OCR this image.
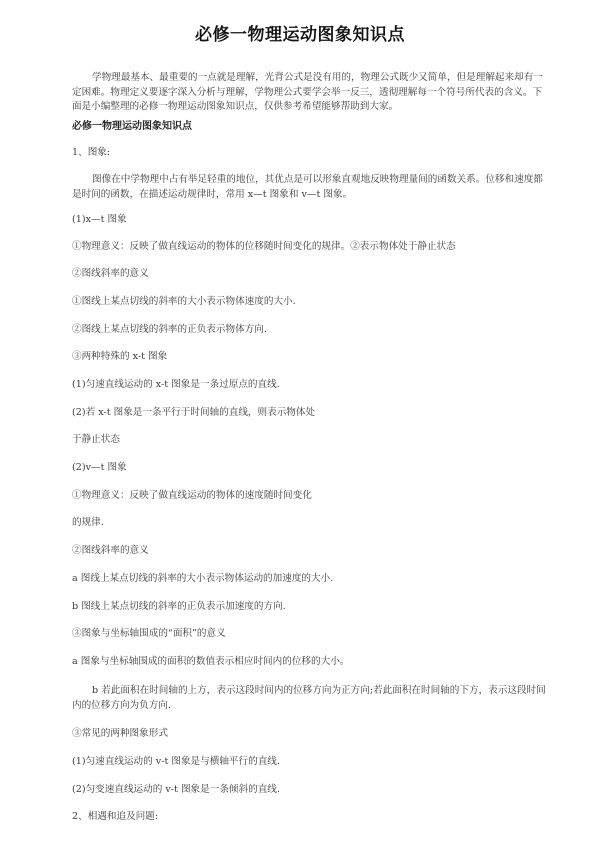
必修一物理运动图象知识点
学物理最基本、最重要的一点就是理解，光背公式是没有用的，物理公式既少又简单，但是理解起来却有一定困难。物理定义要逐字深入分析与理解，学物理公式要学会举一反三，透彻理解每一个符号所代表的含义。下面是小编整理的必修一物理运动图象知识点，仅供参考希望能够帮助到大家。
必修一物理运动图象知识点
1、图象:
图像在中学物理中占有举足轻重的地位，其优点是可以形象直观地反映物理量间的函数关系。位移和速度都是时间的函数，在描述运动规律时，常用 x—t 图象和 v—t 图象。
(1)x—t 图象
①物理意义：反映了做直线运动的物体的位移随时间变化的规律。②表示物体处于静止状态
②图线斜率的意义
①图线上某点切线的斜率的大小表示物体速度的大小.
②图线上某点切线的斜率的正负表示物体方向.
③两种特殊的 x-t 图象
(1)匀速直线运动的 x-t 图象是一条过原点的直线.
(2)若 x-t 图象是一条平行于时间轴的直线，则表示物体处
于静止状态
(2)v—t 图象
①物理意义：反映了做直线运动的物体的速度随时间变化
的规律.
②图线斜率的意义
a 图线上某点切线的斜率的大小表示物体运动的加速度的大小.
b 图线上某点切线的斜率的正负表示加速度的方向.
③图象与坐标轴围成的“面积”的意义
a 图象与坐标轴围成的面积的数值表示相应时间内的位移的大小。
b 若此面积在时间轴的上方，表示这段时间内的位移方向为正方向;若此面积在时间轴的下方，表示这段时间内的位移方向为负方向.
③常见的两种图象形式
(1)匀速直线运动的 v-t 图象是与横轴平行的直线.
(2)匀变速直线运动的 v-t 图象是一条倾斜的直线.
2、相遇和追及问题:
